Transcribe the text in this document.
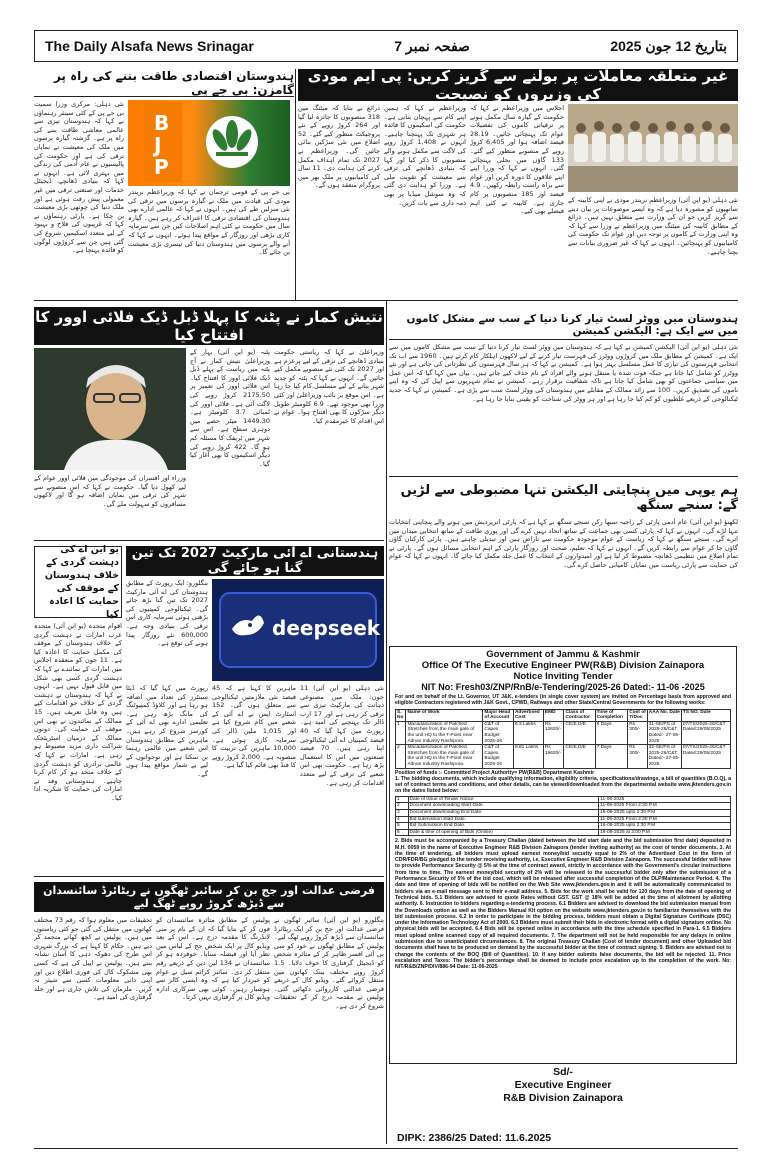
The Daily Alsafa News Srinagar	صفحہ نمبر 7	بتاریخ 12 جون 2025
غیر متعلقہ معاملات پر بولنے سے گریز کریں: پی ایم مودی کی وزیروں کو نصیحت
ہندوستان اقتصادی طاقت بننے کی راہ پر گامزن: بی جے پی
B
J
P
نئی دہلی: مرکزی وزرا سمیت بی جے پی کے کئی سینئر رہنماؤں نے کہا کہ ہندوستان تیزی سے عالمی معاشی طاقت بننے کی راہ پر ہے۔ گزشتہ گیارہ برسوں میں ملک کی معیشت نے نمایاں ترقی کی ہے اور حکومت کی پالیسیوں نے عام آدمی کی زندگی میں بہتری لائی ہے۔ انہوں نے کہا کہ بنیادی ڈھانچے، ڈیجیٹل خدمات اور صنعتی ترقی میں غیر معمولی پیش رفت ہوئی ہے اور ملک دنیا کی چوتھی بڑی معیشت بن چکا ہے۔ پارٹی رہنماؤں نے کہا کہ غریبوں کی فلاح و بہبود کے لیے متعدد اسکیمیں شروع کی گئی ہیں جن سے کروڑوں لوگوں کو فائدہ پہنچا ہے۔
بی جے پی کے قومی ترجمان نے کہا کہ وزیراعظم نریندر مودی کی قیادت میں ملک نے گیارہ برسوں میں ترقی کی نئی منزلیں طے کی ہیں۔ انہوں نے کہا کہ عالمی ادارے بھی ہندوستان کی اقتصادی ترقی کا اعتراف کر رہے ہیں۔ گیارہ سال میں حکومت نے کئی اہم اصلاحات کیں جن سے سرمایہ کاری بڑھی اور روزگار کے مواقع پیدا ہوئے۔ انہوں نے کہا کہ آنے والے برسوں میں ہندوستان دنیا کی تیسری بڑی معیشت بن جائے گا۔
نئی دہلی (یو این آئی) وزیراعظم نریندر مودی نے اپنی کابینہ کے ساتھیوں کو مشورہ دیا ہے کہ وہ ایسے موضوعات پر بیان دینے سے گریز کریں جو ان کی وزارت سے متعلق نہیں ہیں۔ ذرائع کے مطابق کابینہ کی میٹنگ میں وزیراعظم نے وزرا سے کہا کہ وہ اپنی وزارت کے کاموں پر توجہ دیں اور عوام تک حکومت کی کامیابیوں کو پہنچائیں۔ انہوں نے کہا کہ غیر ضروری بیانات سے بچنا چاہیے۔
اجلاس میں وزیراعظم نے کہا کہ حکومت کے گیارہ سال مکمل ہونے پر ترقیاتی کاموں کی تفصیلات عوام تک پہنچائی جائیں۔ 28.19 فیصد اضافہ ہوا اور 6,405 کروڑ روپے کے منصوبے منظور کیے گئے۔ 133 گاؤں میں بجلی پہنچائی گئی۔ انہوں نے کہا کہ وزرا اپنے اپنے علاقوں کا دورہ کریں اور عوام سے براہ راست رابطہ رکھیں۔ 4.9 فیصد اور 185 منصوبوں پر کام جاری ہے۔ کابینہ نے کئی اہم فیصلے بھی کیے۔
وزیراعظم نے کہا کہ ہمیں اپنے کام سے پہچان بنانی ہے۔ حکومت کی اسکیموں کا فائدہ ہر شہری تک پہنچنا چاہیے۔ انہوں نے 1,408 کروڑ روپے کی لاگت سے مکمل ہونے والے منصوبوں کا ذکر کیا اور کہا کہ بنیادی ڈھانچے کی ترقی سے معیشت کو تقویت ملی ہے۔ وزرا کو ہدایت دی گئی کہ وہ سوشل میڈیا پر بھی ذمہ داری سے بات کریں۔
ذرائع نے بتایا کہ میٹنگ میں 318 منصوبوں کا جائزہ لیا گیا اور 264 کروڑ روپے کے نئے پروجیکٹ منظور کیے گئے۔ 52 اضلاع میں نئی سڑکیں بنائی جائیں گی۔ وزیراعظم نے 2027 تک تمام اہداف مکمل کرنے کی ہدایت دی۔ 11 سال کی کامیابیوں پر ملک بھر میں پروگرام منعقد ہوں گے۔
نتیش کمار نے پٹنہ کا پہلا ڈبل ڈیک فلائی اوور کا افتتاح کیا
پٹنہ (یو این آئی) بہار کے وزیراعلیٰ نتیش کمار نے آج پٹنہ میں ریاست کے پہلے ڈبل ڈیک فلائی اوور کا افتتاح کیا۔ اس فلائی اوور کی تعمیر پر 2175.50 کروڑ روپے کی لاگت آئی ہے۔ فلائی اوور کی لمبائی 3.7 کلومیٹر ہے۔ 1449.30 میٹر حصے میں دوہری سطح ہے۔ اس سے شہر میں ٹریفک کا مسئلہ کم ہو گا۔ 422 کروڑ روپے کی دیگر اسکیموں کا بھی آغاز کیا گیا۔
وزیراعلیٰ نے کہا کہ ریاستی حکومت بنیادی ڈھانچے کی ترقی کے لیے پرعزم ہے اور 2027 تک کئی نئے منصوبے مکمل کیے جائیں گے۔ انہوں نے کہا کہ پٹنہ کو جدید شہر بنانے کے لیے مسلسل کام کیا جا رہا ہے۔ اس موقع پر نائب وزیراعلیٰ اور کئی وزرا بھی موجود تھے۔ 6.9 کلومیٹر طویل دیگر سڑکوں کا بھی افتتاح ہوا۔ عوام نے اس اقدام کا خیرمقدم کیا۔
وزراء اور افسران کی موجودگی میں فلائی اوور عوام کے لیے کھول دیا گیا۔ حکومت نے کہا کہ اس منصوبے سے شہر کی ترقی میں نمایاں اضافہ ہو گا اور لاکھوں مسافروں کو سہولت ملے گی۔
ہندوستان میں ووٹر لسٹ تیار کرنا دنیا کے سب سے مشکل کاموں میں سے ایک ہے: الیکشن کمیشن
نئی دہلی (یو این آئی) الیکشن کمیشن نے کہا ہے کہ ہندوستان میں ووٹر لسٹ تیار کرنا دنیا کے سب سے مشکل کاموں میں سے ایک ہے۔ کمیشن کے مطابق ملک میں کروڑوں ووٹرز کی فہرست تیار کرنے کے لیے لاکھوں اہلکار کام کرتے ہیں۔ 1960 سے اب تک انتخابی فہرستوں کی تیاری کا عمل مسلسل بہتر ہوا ہے۔ کمیشن نے کہا کہ ہر سال فہرستوں کی نظرثانی کی جاتی ہے اور نئے ووٹرز کو شامل کیا جاتا ہے جبکہ فوت شدہ یا منتقل ہونے والے افراد کے نام حذف کیے جاتے ہیں۔ بیان میں کہا گیا کہ اس عمل میں سیاسی جماعتوں کو بھی شامل کیا جاتا ہے تاکہ شفافیت برقرار رہے۔ کمیشن نے تمام شہریوں سے اپیل کی کہ وہ اپنے ناموں کی تصدیق کریں۔ 100 سے زائد ممالک کے مقابلے میں ہندوستان کی ووٹر لسٹ سب سے بڑی ہے۔ کمیشن نے کہا کہ جدید ٹیکنالوجی کے ذریعے غلطیوں کو کم کیا جا رہا ہے اور ہر ووٹر کی شناخت کو یقینی بنایا جا رہا ہے۔
ہم یوپی میں پنچایتی الیکشن تنہا مضبوطی سے لڑیں گے: سنجے سنگھ
لکھنؤ (یو این آئی) عام آدمی پارٹی کے راجیہ سبھا رکن سنجے سنگھ نے کہا ہے کہ پارٹی اترپردیش میں ہونے والے پنچایتی انتخابات تنہا لڑے گی۔ انہوں نے کہا کہ پارٹی کسی بھی جماعت کے ساتھ اتحاد نہیں کرے گی اور پوری طاقت کے ساتھ انتخابی میدان میں اترے گی۔ سنجے سنگھ نے کہا کہ ریاست کے عوام موجودہ حکومت سے ناراض ہیں اور تبدیلی چاہتے ہیں۔ پارٹی کارکنان گاؤں گاؤں جا کر عوام سے رابطہ کریں گے۔ انہوں نے کہا کہ تعلیم، صحت اور روزگار پارٹی کے اہم انتخابی مسائل ہوں گے۔ پارٹی نے تمام اضلاع میں تنظیمی ڈھانچہ مضبوط کر لیا ہے اور امیدواروں کے انتخاب کا عمل جلد مکمل کیا جائے گا۔ انہوں نے کہا کہ عوام کی حمایت سے پارٹی ریاست میں نمایاں کامیابی حاصل کرے گی۔
یو این اے کی دہشت گردی کے خلاف ہندوستان کے موقف کی حمایت کا اعادہ کیا
اقوام متحدہ (یو این آئی) متحدہ عرب امارات نے دہشت گردی کے خلاف ہندوستان کے موقف کی مکمل حمایت کا اعادہ کیا ہے۔ 11 جون کو منعقدہ اجلاس میں امارات کے نمائندے نے کہا کہ دہشت گردی کسی بھی شکل میں قابل قبول نہیں ہے۔ انہوں نے کہا کہ ہندوستان نے دہشت گردی کے خلاف جو اقدامات کیے ہیں وہ قابل تعریف ہیں۔ 15 ممالک کے نمائندوں نے بھی اس موقف کی حمایت کی۔ دونوں ممالک کے درمیان اسٹریٹجک شراکت داری مزید مضبوط ہو رہی ہے۔ امارات نے کہا کہ عالمی برادری کو دہشت گردی کے خلاف متحد ہو کر کام کرنا چاہیے۔ ہندوستانی وفد نے امارات کی حمایت کا شکریہ ادا کیا۔
ہندستانی اے آئی مارکیٹ 2027 تک تین گنا ہو جائے گی
deepseek
بنگلورو: ایک رپورٹ کے مطابق ہندوستان کی اے آئی مارکیٹ 2027 تک تین گنا بڑھ جائے گی۔ ٹیکنالوجی کمپنیوں کی بڑھتی ہوئی سرمایہ کاری اس ترقی کی بنیادی وجہ ہے۔ 600,000 نئے روزگار پیدا ہونے کی توقع ہے۔
نئی دہلی (یو این آئی) 11 جون: ملک میں مصنوعی ذہانت کی مارکیٹ تیزی سے ترقی کر رہی ہے اور 17 ارب ڈالر تک پہنچنے کی امید ہے۔ رپورٹ میں کہا گیا کہ 40 فیصد کمپنیاں اے آئی ٹیکنالوجی اپنا رہی ہیں۔ 70 فیصد صنعتوں میں اس کا استعمال بڑھ رہا ہے۔ حکومت بھی اس شعبے کی ترقی کے لیے متعدد اقدامات کر رہی ہے۔
ماہرین کا کہنا ہے کہ 45 فیصد نئی ملازمتیں ٹیکنالوجی سے متعلق ہوں گی۔ 152 اسٹارٹ اپس نے اے آئی کے شعبے میں کام شروع کیا ہے اور 1,015 ملین ڈالر کی سرمایہ کاری ہوئی ہے۔ 10,000 ماہرین کی تربیت کا منصوبہ ہے۔ 2,000 کروڑ روپے کا فنڈ بھی قائم کیا گیا ہے۔
رپورٹ میں کہا گیا کہ ڈیٹا سینٹرز کی تعداد میں اضافہ ہو رہا ہے اور کلاؤڈ کمپیوٹنگ کی مانگ بڑھ رہی ہے۔ تعلیمی ادارے بھی اے آئی کے کورسز شروع کر رہے ہیں۔ ماہرین کے مطابق ہندوستان اس شعبے میں عالمی رہنما بن سکتا ہے اور نوجوانوں کے لیے بے شمار مواقع پیدا ہوں گے۔
فرضی عدالت اور جج بن کر سائبر ٹھگوں نے ریٹائرڈ سائنسدان سے ڈیڑھ کروڑ روپے ٹھگ لیے
بنگلورو (یو این آئی) سائبر ٹھگوں نے فرضی عدالت اور جج بن کر ایک ریٹائرڈ سائنسدان سے ڈیڑھ کروڑ روپے ٹھگ لیے۔ پولیس کے مطابق ٹھگوں نے خود کو سی بی آئی افسر ظاہر کر کے متاثرہ شخص کو ڈیجیٹل گرفتاری کا خوف دلایا۔ 1.5 کروڑ روپے مختلف بینک کھاتوں میں منتقل کروائے گئے۔ ویڈیو کال کے ذریعے فرضی عدالتی کارروائی دکھائی گئی۔ پولیس نے مقدمہ درج کر کے تحقیقات شروع کر دی ہے۔
پولیس کے مطابق متاثرہ سائنسدان کو فون کر کے بتایا گیا کہ ان کے نام پر منی لانڈرنگ کا مقدمہ درج ہے۔ اس کے بعد ویڈیو کال پر ایک شخص جج کے لباس میں نظر آیا اور فیصلہ سنایا۔ خوفزدہ ہو کر سائنسدان نے 134 لین دین کے ذریعے رقم منتقل کر دی۔ سائبر کرائم سیل نے عوام کو خبردار کیا ہے کہ وہ ایسی کالز سے ہوشیار رہیں۔ کوئی بھی سرکاری ادارہ ویڈیو کال پر گرفتاری نہیں کرتا۔
تحقیقات میں معلوم ہوا کہ رقم 73 مختلف کھاتوں میں منتقل کی گئی جو کئی ریاستوں میں ہیں۔ پولیس نے کچھ کھاتے منجمد کر دیے ہیں۔ حکام کا کہنا ہے کہ بزرگ شہری اس طرح کی دھوکہ دہی کا آسان نشانہ بنتے ہیں۔ پولیس نے اپیل کی ہے کہ کسی بھی مشکوک کال کی فوری اطلاع دیں اور اپنی ذاتی معلومات کسی سے شیئر نہ کریں۔ ملزمان کی تلاش جاری ہے اور جلد گرفتاری کی امید ہے۔
Government of Jammu & Kashmir
Office Of The Executive Engineer PW(R&B) Division Zainapora
Notice Inviting Tender
NIT No: Fresh03/ZNP/RnB/e-Tendering/2025-26 Dated:- 11-06 -2025
For and on behalf of the Lt. Governor, UT J&K, e-tenders (in single cover system) are invited on Percentage basis from approved and eligible Contractors registered with J&K Govt., CPWD, Railways and other State/Central Governments for the following works:
S. No	Name of Work	Major Head of Account	Advertised Cost	EMD	Class of Contractor	Time of Completion	Cost of T/Doc	AAA No. Date	TS NO. Date
1	Macadamization of Patched Stretches from the main gate of the unit HQ to the T-Point near Adnan Industry Rashipora.	C&T of Capex Budget 2025-26	6.3 Lakhs	Rs 12620/-	CE/E,D/E	8 Days	Rs 300/-	31-SE/PS of 2025-26/C&T Dated:- 27-05-2025	07/TS/2025-26/C&T Dated:29/05/2025
2	Macadamization of Patched Stretches from the main gate of the unit HQ to the T-Point near Adnan Industry Rashipora.	C&T of Capex Budget 2025-26	9.81 Lakhs	Rs 19620/-	CE/E,D/E	7 Days	Rs 300/-	32-SE/PS of 2025-26/C&T Dated:- 27-05-2025	07/TS/2025-26/C&T Dated:29/05/2025
Position of funds :- Committed Project Authority= PW(R&B) Department Kashmir
1. The bidding documents, which include qualifying information, eligibility criteria, specifications/drawings, a bill of quantities (B.O.Q), a set of contract terms and conditions, and other details, can be viewed/downloaded from the departmental website www.jktenders.gov.in on the dates listed below:
1	Date of issue of Tender Notice	11-06-2025
2	Document downloading Start Date.	11-06-2025 From 2:30 P.M
3	Document downloading End Date.	16-06-2025 upto 2:30 P.M
4	Bid submission Start Date.	11-06-2025 From 2:30 P.M
5	Bid Submission End Date.	16-06-2025 upto 2:30 P.M
6	Date & time of opening of Bids (Online)	16-06-2025 at 3:00 P.M
2. Bids must be accompanied by a Treasury Challan (dated between the bid start date and the bid submission first date) deposited in M.H. 0059 in the name of Executive Engineer R&B Division Zainapora (tender inviting authority) as the cost of tender documents. 3. At the time of tendering, all bidders must upload earnest money/bid security equal to 2% of the Advertised Cost in the form of CDR/FDR/BG pledged to the tender receiving authority, i.e. Executive Engineer R&B Division Zainapora. The successful bidder will have to provide Performance Security @ 5% at the time of contract award, strictly in accordance with the Government's circular instructions from time to time. The earnest money/bid security of 2% will be released to the successful bidder only after the submission of a Performance Security of 5% of the bid cost, which will be released after successful completion of the DLP/Maintenance Period. 4. The date and time of opening of bids will be notified on the Web Site www.jktenders.gov.in and it will be automatically communicated to bidders via an e-mail message sent to their e-mail address. 5. Bids for the work shall be valid for 120 days from the date of opening of Technical bids. 5.1 Bidders are advised to quote Rates without GST. GST @ 18% will be added at the time of allotment by allotting authority. 6. Instruction to bidders regarding e-tendering process. 6.1 Bidders are advised to download the bid submission manual from the Downloads option as well as the Bidders Manual Kit option on the website www.jktenders.gov.in to familiarize themselves with the bid submission process. 6.2 In order to participate in the bidding process, bidders must obtain a Digital Signature Certificate (DSC) under the Information Technology Act of 2000. 6.3 Bidders must submit their bids in electronic format with a digital signature online. No physical bids will be accepted. 6.4 Bids will be opened online in accordance with the time schedule specified in Para-1. 6.5 Bidders must upload online scanned copy of all required documents. 7. The department will not be held responsible for any delays in online submission due to unanticipated circumstances. 8. The original Treasury Challan (Cost of tender document) and other Uploaded bid documents shall have to be produced on demand by the successful bidder at the time of contract signing. 9. Bidders are advised not to change the contents of the BOQ (Bill of Quantities). 10. If any bidder submits false documents, the bid will be rejected. 11. Price escalation and Taxes: The bidder's percentage shall be deemed to include price escalation up to the completion of the work. No: NIT/R&B/ZNP/DIV/886-94 Date: 11-06-2025
Sd/-
Executive Engineer
R&B Division Zainapora
DIPK: 2386/25 Dated: 11.6.2025
